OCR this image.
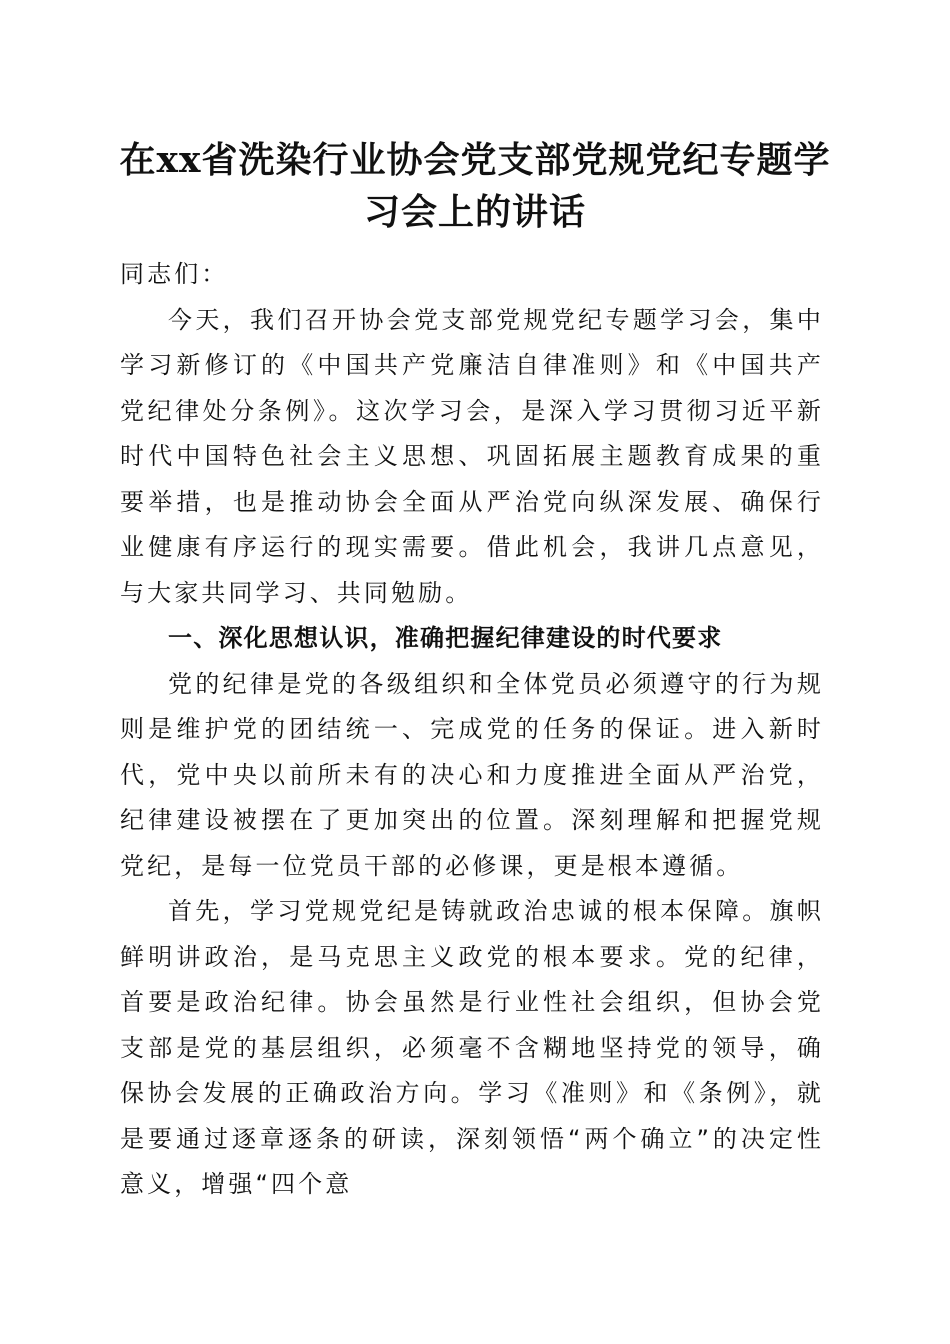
在xx省洗染行业协会党支部党规党纪专题学习会上的讲话

同志们：

今天，我们召开协会党支部党规党纪专题学习会，集中学习新修订的《中国共产党廉洁自律准则》和《中国共产党纪律处分条例》。这次学习会，是深入学习贯彻习近平新时代中国特色社会主义思想、巩固拓展主题教育成果的重要举措，也是推动协会全面从严治党向纵深发展、确保行业健康有序运行的现实需要。借此机会，我讲几点意见，与大家共同学习、共同勉励。

一、深化思想认识，准确把握纪律建设的时代要求

党的纪律是党的各级组织和全体党员必须遵守的行为规则是维护党的团结统一、完成党的任务的保证。进入新时代，党中央以前所未有的决心和力度推进全面从严治党，纪律建设被摆在了更加突出的位置。深刻理解和把握党规党纪，是每一位党员干部的必修课，更是根本遵循。

首先，学习党规党纪是铸就政治忠诚的根本保障。旗帜鲜明讲政治，是马克思主义政党的根本要求。党的纪律，首要是政治纪律。协会虽然是行业性社会组织，但协会党支部是党的基层组织，必须毫不含糊地坚持党的领导，确保协会发展的正确政治方向。学习《准则》和《条例》，就是要通过逐章逐条的研读，深刻领悟“两个确立”的决定性意义，增强“四个意
